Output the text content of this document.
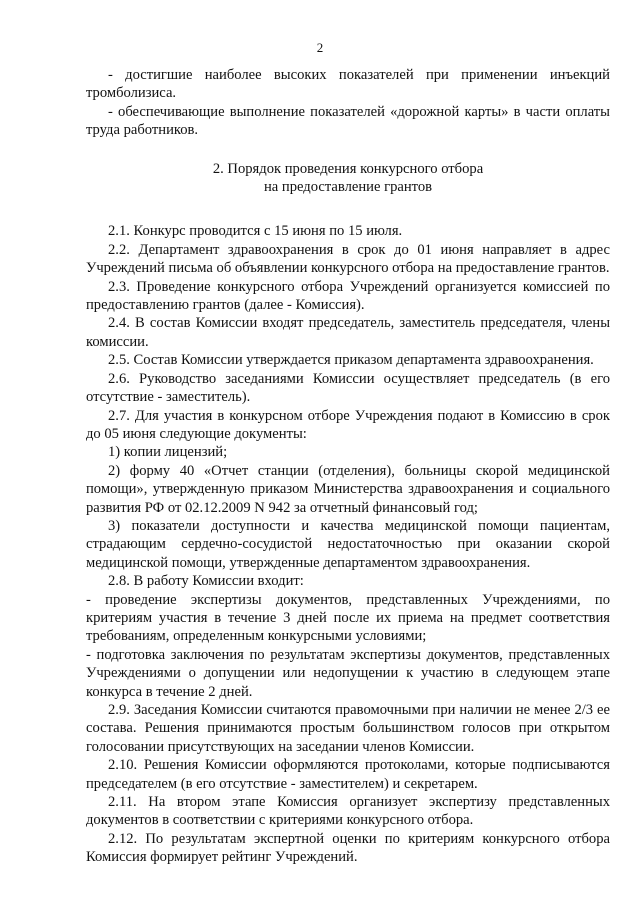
2

- достигшие наиболее высоких показателей при применении инъекций тромболизиса.

- обеспечивающие выполнение показателей «дорожной карты» в части оплаты труда работников.

2. Порядок проведения конкурсного отбора
на предоставление грантов

2.1. Конкурс проводится с 15 июня по 15 июля.

2.2. Департамент здравоохранения в срок до 01 июня направляет в адрес Учреждений письма об объявлении конкурсного отбора на предоставление грантов.

2.3. Проведение конкурсного отбора Учреждений организуется комиссией по предоставлению грантов (далее - Комиссия).

2.4. В состав Комиссии входят председатель, заместитель председателя, члены комиссии.

2.5. Состав Комиссии утверждается приказом департамента здравоохранения.

2.6. Руководство заседаниями Комиссии осуществляет председатель (в его отсутствие - заместитель).

2.7. Для участия в конкурсном отборе Учреждения подают в Комиссию в срок до 05 июня следующие документы:

1) копии лицензий;

2) форму 40 «Отчет станции (отделения), больницы скорой медицинской помощи», утвержденную приказом Министерства здравоохранения и социального развития РФ от 02.12.2009 N 942 за отчетный финансовый год;

3) показатели доступности и качества медицинской помощи пациентам, страдающим сердечно-сосудистой недостаточностью при оказании скорой медицинской помощи, утвержденные департаментом здравоохранения.

2.8. В работу Комиссии входит:

- проведение экспертизы документов, представленных Учреждениями, по критериям участия в течение 3 дней после их приема на предмет соответствия требованиям, определенным конкурсными условиями;

- подготовка заключения по результатам экспертизы документов, представленных Учреждениями о допущении или недопущении к участию в следующем этапе конкурса в течение 2 дней.

2.9. Заседания Комиссии считаются правомочными при наличии не менее 2/3 ее состава. Решения принимаются простым большинством голосов при открытом голосовании присутствующих на заседании членов Комиссии.

2.10. Решения Комиссии оформляются протоколами, которые подписываются председателем (в его отсутствие - заместителем) и секретарем.

2.11. На втором этапе Комиссия организует экспертизу представленных документов в соответствии с критериями конкурсного отбора.

2.12. По результатам экспертной оценки по критериям конкурсного отбора Комиссия формирует рейтинг Учреждений.
